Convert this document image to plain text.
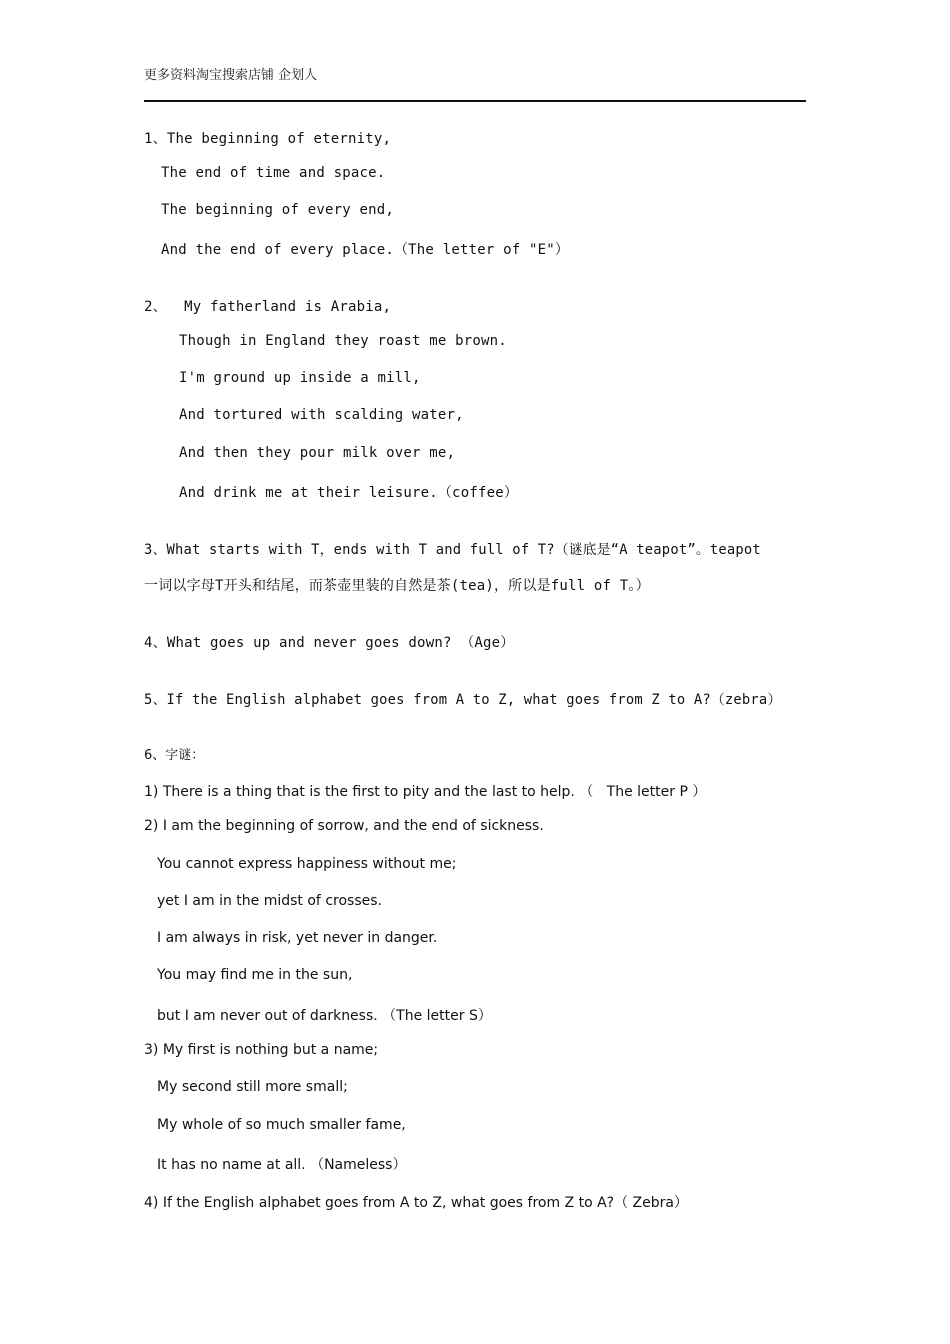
更多资料淘宝搜索店铺 企划人
1、The beginning of eternity,
The end of time and space.
The beginning of every end,
And the end of every place.（The letter of "E"）
2、  My fatherland is Arabia,
Though in England they roast me brown.
I'm ground up inside a mill,
And tortured with scalding water,
And then they pour milk over me,
And drink me at their leisure.（coffee）
3、What starts with T，ends with T and full of T?（谜底是“A teapot”。teapot
一词以字母T开头和结尾，而茶壶里装的自然是茶(tea)，所以是full of T。）
4、What goes up and never goes down? （Age）
5、If the English alphabet goes from A to Z, what goes from Z to A?（zebra）
6、字谜：
1) There is a thing that is the first to pity and the last to help. （   The letter P ）
2) I am the beginning of sorrow, and the end of sickness.
You cannot express happiness without me;
yet I am in the midst of crosses.
I am always in risk, yet never in danger.
You may find me in the sun,
but I am never out of darkness. （The letter S）
3) My first is nothing but a name;
My second still more small;
My whole of so much smaller fame,
It has no name at all. （Nameless）
4) If the English alphabet goes from A to Z, what goes from Z to A?（ Zebra）
